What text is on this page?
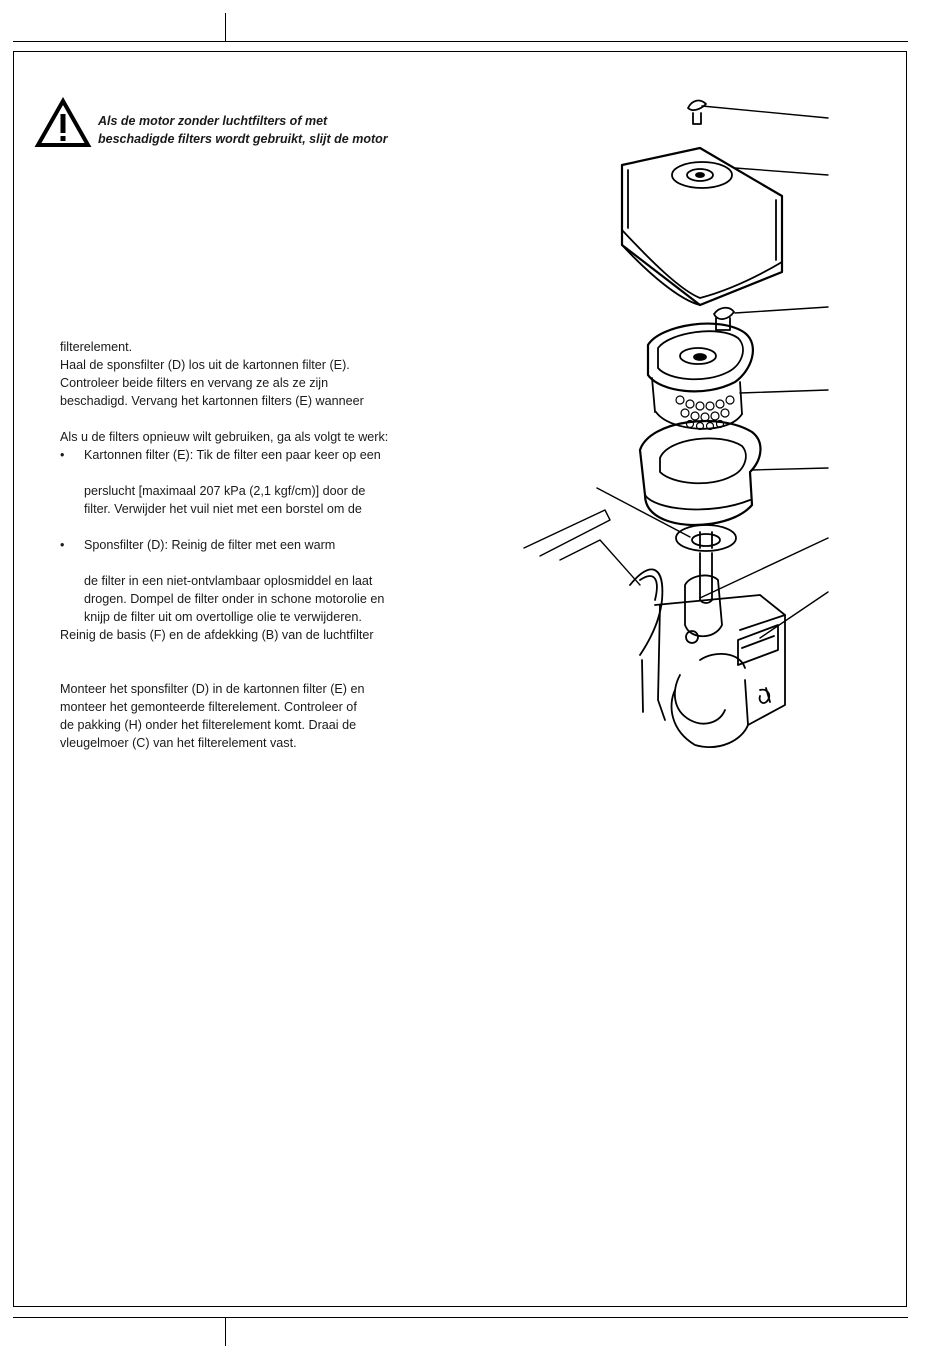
Als de motor zonder luchtfilters of met
beschadigde filters wordt gebruikt, slijt de motor
filterelement.
Haal de sponsfilter (D) los uit de kartonnen filter (E).
Controleer beide filters en vervang ze als ze zijn
beschadigd. Vervang het kartonnen filters (E) wanneer
Als u de filters opnieuw wilt gebruiken, ga als volgt te werk:
• Kartonnen filter (E): Tik de filter een paar keer op een
perslucht [maximaal 207 kPa (2,1 kgf/cm)] door de
filter. Verwijder het vuil niet met een borstel om de
• Sponsfilter (D): Reinig de filter met een warm
de filter in een niet-ontvlambaar oplosmiddel en laat
drogen. Dompel de filter onder in schone motorolie en
knijp de filter uit om overtollige olie te verwijderen.
Reinig de basis (F) en de afdekking (B) van de luchtfilter
Monteer het sponsfilter (D) in de kartonnen filter (E) en
monteer het gemonteerde filterelement. Controleer of
de pakking (H) onder het filterelement komt. Draai de
vleugelmoer (C) van het filterelement vast.
